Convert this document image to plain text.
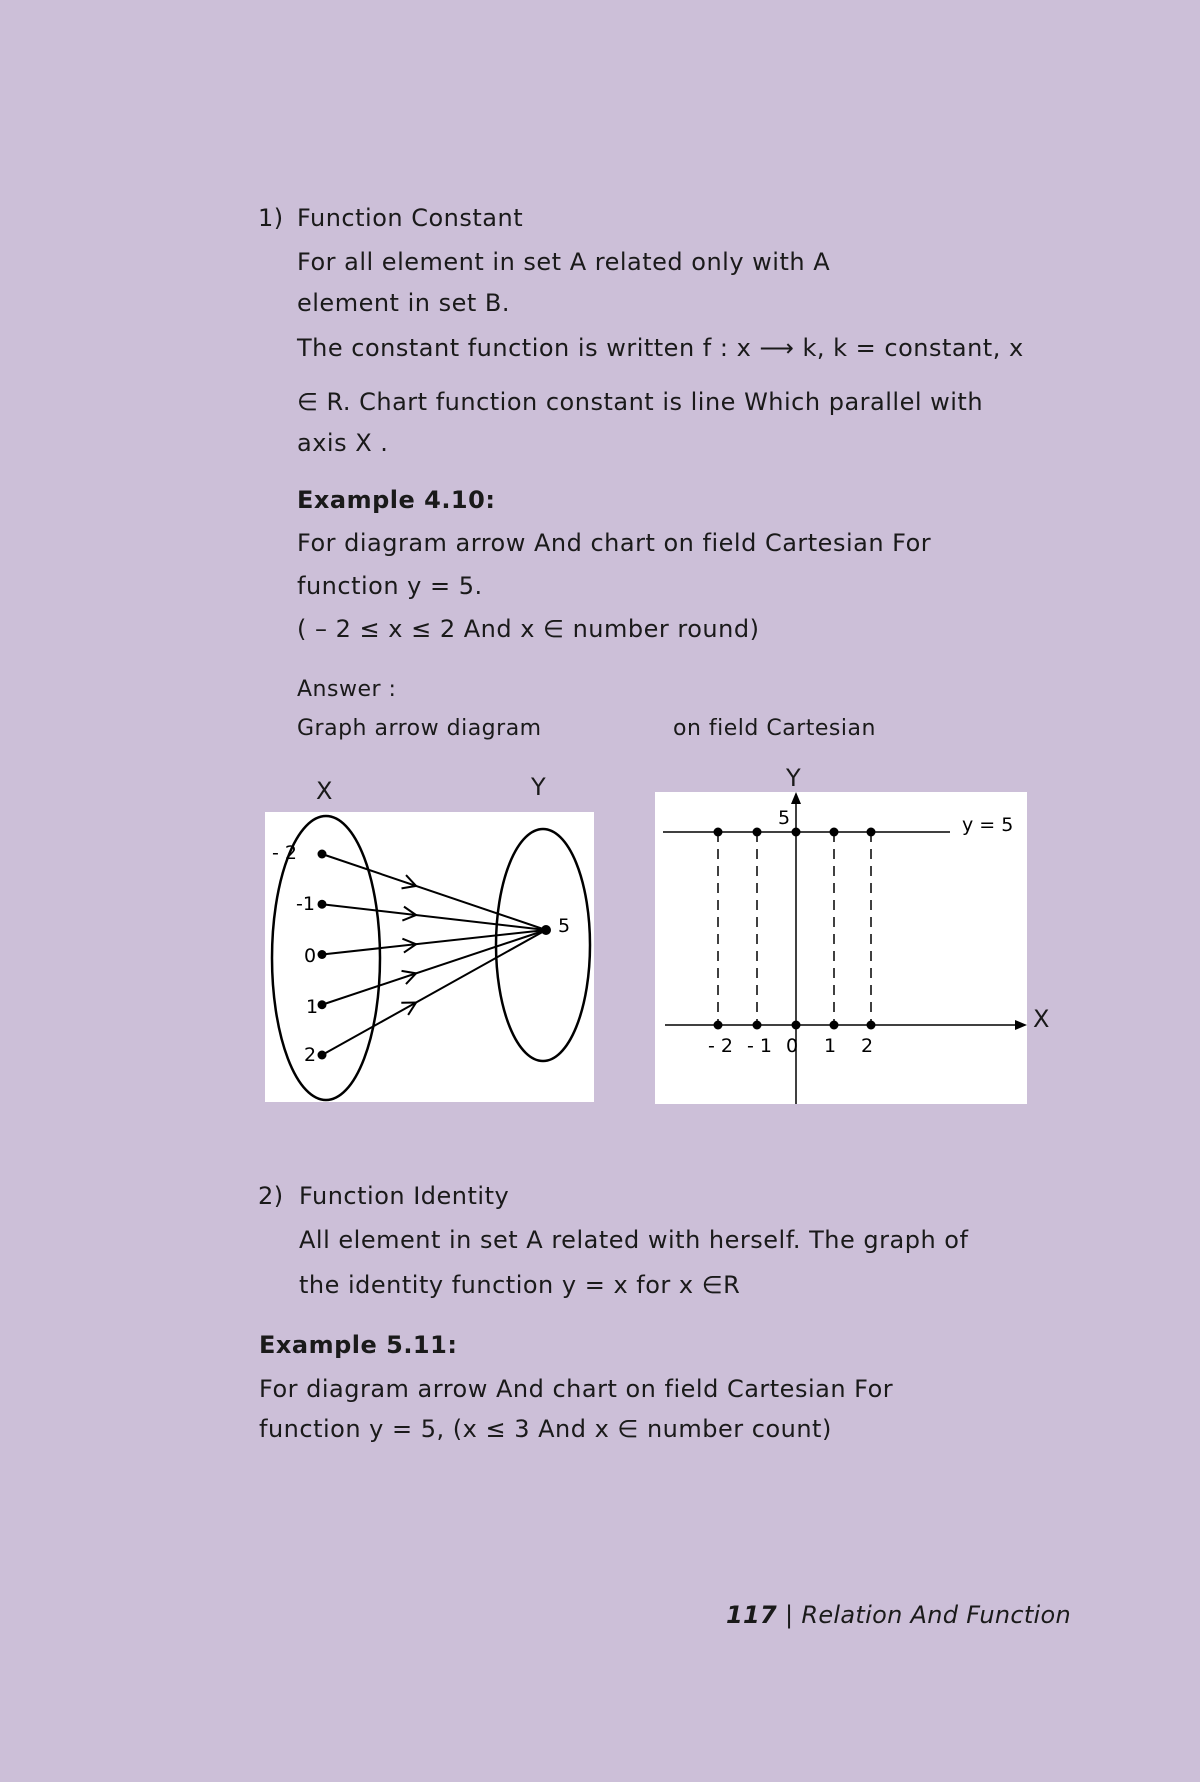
1) Function Constant
For all element in set A related only with A
element in set B.
The constant function is written f : x ⟶ k, k = constant, x
∈ R. Chart function constant is line Which parallel with
axis X .
Example 4.10:
For diagram arrow And chart on field Cartesian For
function y = 5.
( – 2 ≤ x ≤ 2 And x ∈ number round)
Answer :
Graph arrow diagram	on field Cartesian
X	Y
- 2
-1
0
1
2
5
Y
- 2 - 1 0 1 2
5	y = 5
X
2) Function Identity
All element in set A related with herself. The graph of
the identity function y = x for x ∈R
Example 5.11:
For diagram arrow And chart on field Cartesian For
function y = 5, (x ≤ 3 And x ∈ number count)
117 | Relation And Function
